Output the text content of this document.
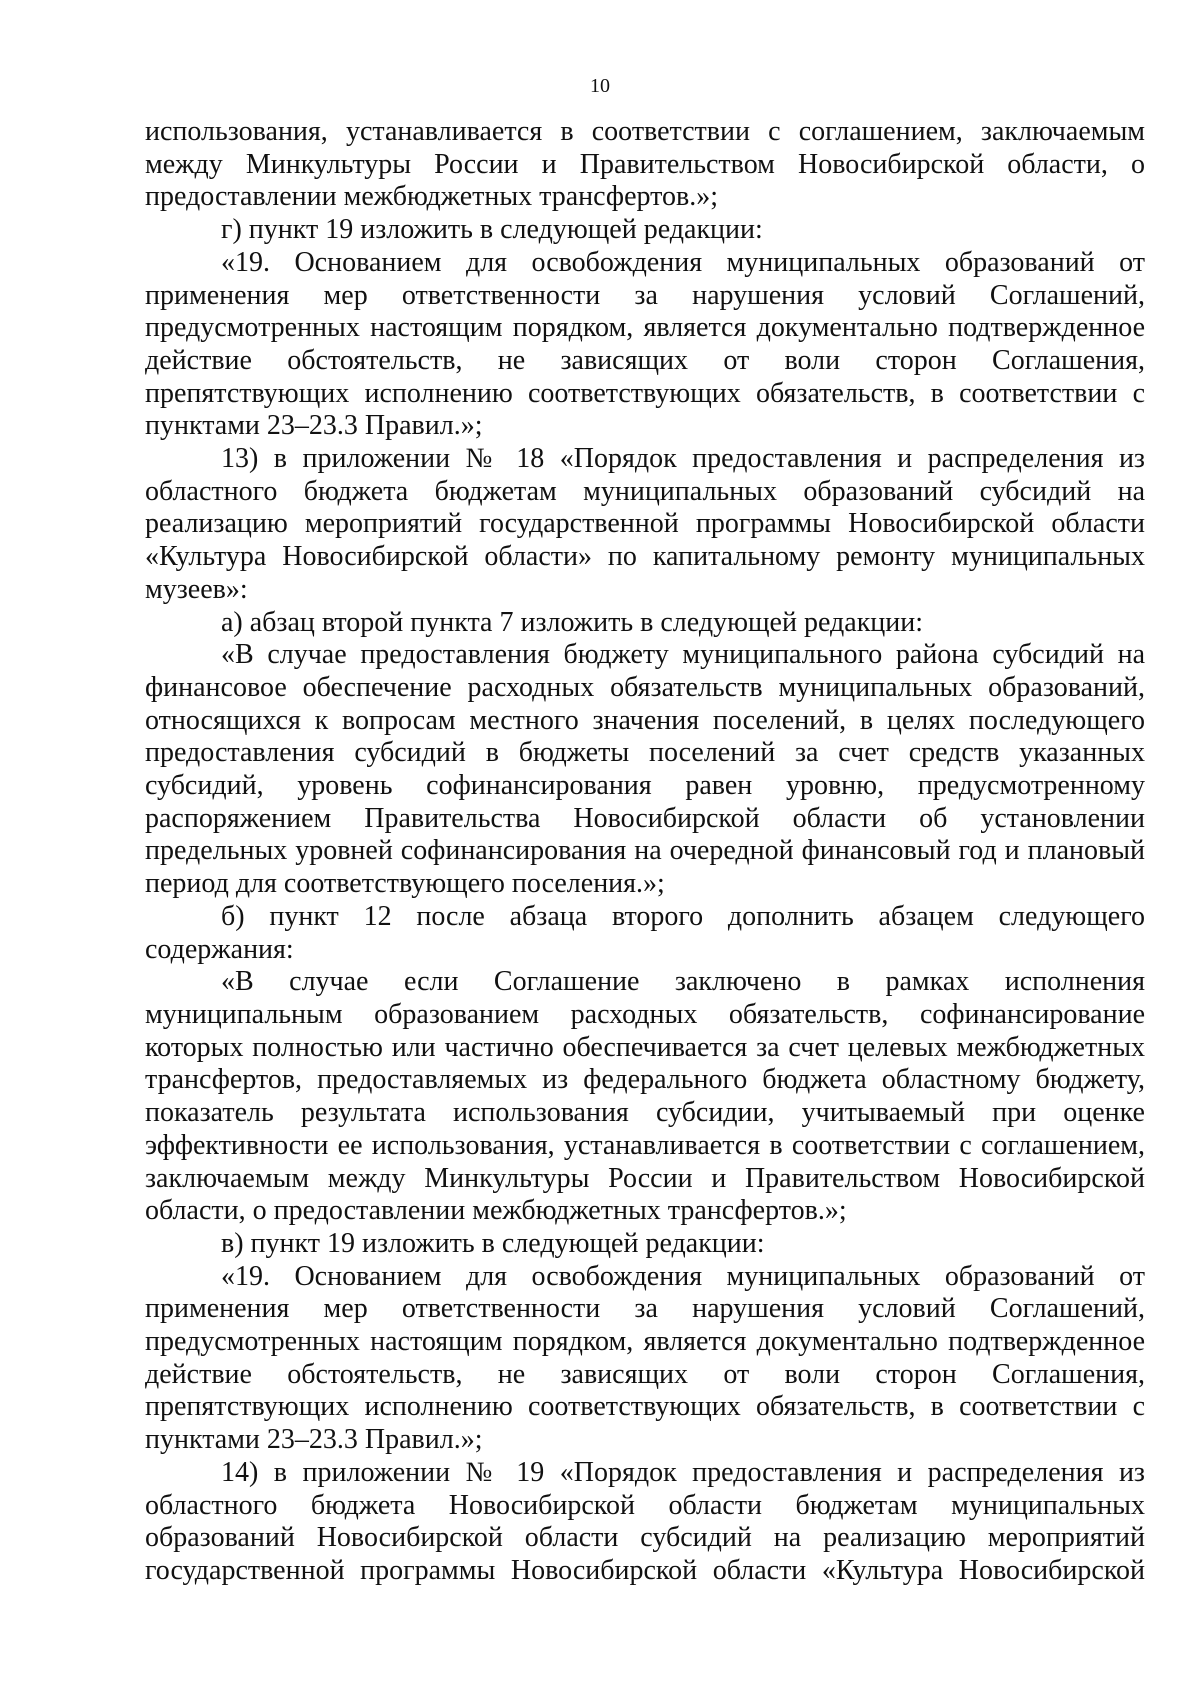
10

использования, устанавливается в соответствии с соглашением, заключаемым между Минкультуры России и Правительством Новосибирской области, о предоставлении межбюджетных трансфертов.»;

г) пункт 19 изложить в следующей редакции:

«19. Основанием для освобождения муниципальных образований от применения мер ответственности за нарушения условий Соглашений, предусмотренных настоящим порядком, является документально подтвержденное действие обстоятельств, не зависящих от воли сторон Соглашения, препятствующих исполнению соответствующих обязательств, в соответствии с пунктами 23–23.3 Правил.»;

13) в приложении № 18 «Порядок предоставления и распределения из областного бюджета бюджетам муниципальных образований субсидий на реализацию мероприятий государственной программы Новосибирской области «Культура Новосибирской области» по капитальному ремонту муниципальных музеев»:

а) абзац второй пункта 7 изложить в следующей редакции:

«В случае предоставления бюджету муниципального района субсидий на финансовое обеспечение расходных обязательств муниципальных образований, относящихся к вопросам местного значения поселений, в целях последующего предоставления субсидий в бюджеты поселений за счет средств указанных субсидий, уровень софинансирования равен уровню, предусмотренному распоряжением Правительства Новосибирской области об установлении предельных уровней софинансирования на очередной финансовый год и плановый период для соответствующего поселения.»;

б) пункт 12 после абзаца второго дополнить абзацем следующего содержания:

«В случае если Соглашение заключено в рамках исполнения муниципальным образованием расходных обязательств, софинансирование которых полностью или частично обеспечивается за счет целевых межбюджетных трансфертов, предоставляемых из федерального бюджета областному бюджету, показатель результата использования субсидии, учитываемый при оценке эффективности ее использования, устанавливается в соответствии с соглашением, заключаемым между Минкультуры России и Правительством Новосибирской области, о предоставлении межбюджетных трансфертов.»;

в) пункт 19 изложить в следующей редакции:

«19. Основанием для освобождения муниципальных образований от применения мер ответственности за нарушения условий Соглашений, предусмотренных настоящим порядком, является документально подтвержденное действие обстоятельств, не зависящих от воли сторон Соглашения, препятствующих исполнению соответствующих обязательств, в соответствии с пунктами 23–23.3 Правил.»;

14) в приложении № 19 «Порядок предоставления и распределения из областного бюджета Новосибирской области бюджетам муниципальных образований Новосибирской области субсидий на реализацию мероприятий государственной программы Новосибирской области «Культура Новосибирской
